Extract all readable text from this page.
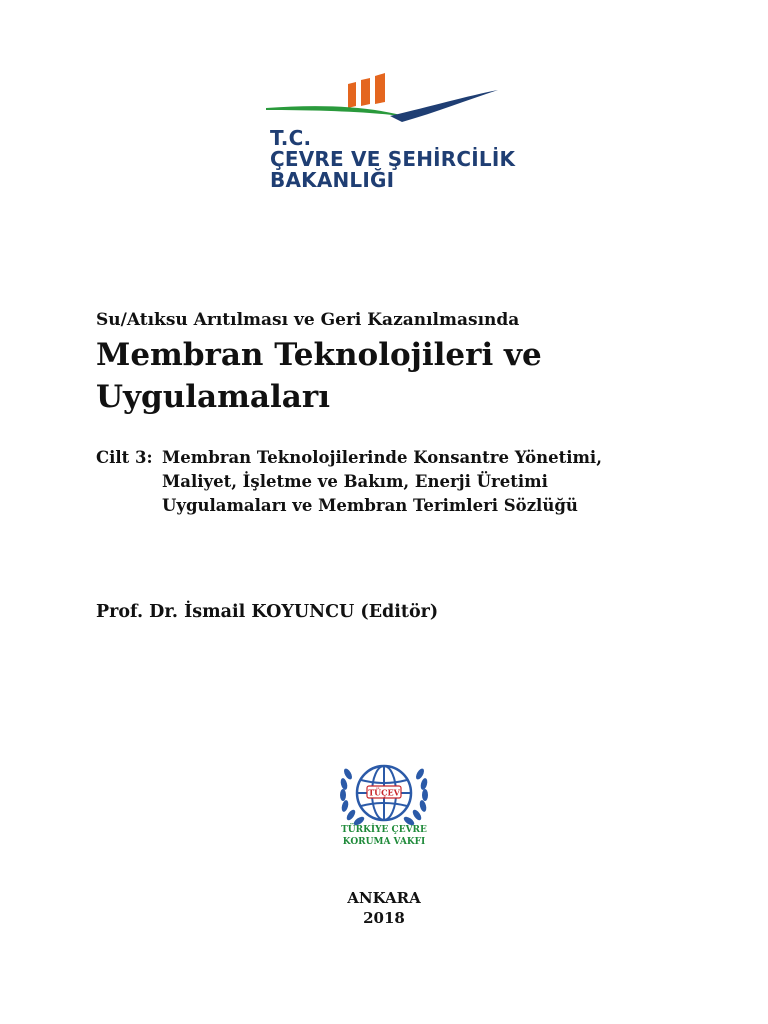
T.C.
ÇEVRE VE ŞEHİRCİLİK
BAKANLIĞI
Su/Atıksu Arıtılması ve Geri Kazanılmasında
Membran Teknolojileri ve
Uygulamaları
Cilt 3: Membran Teknolojilerinde Konsantre Yönetimi,
Maliyet, İşletme ve Bakım, Enerji Üretimi
Uygulamaları ve Membran Terimleri Sözlüğü
Prof. Dr. İsmail KOYUNCU (Editör)
TÜÇEV
TÜRKİYE ÇEVRE
KORUMA VAKFI
ANKARA
2018
